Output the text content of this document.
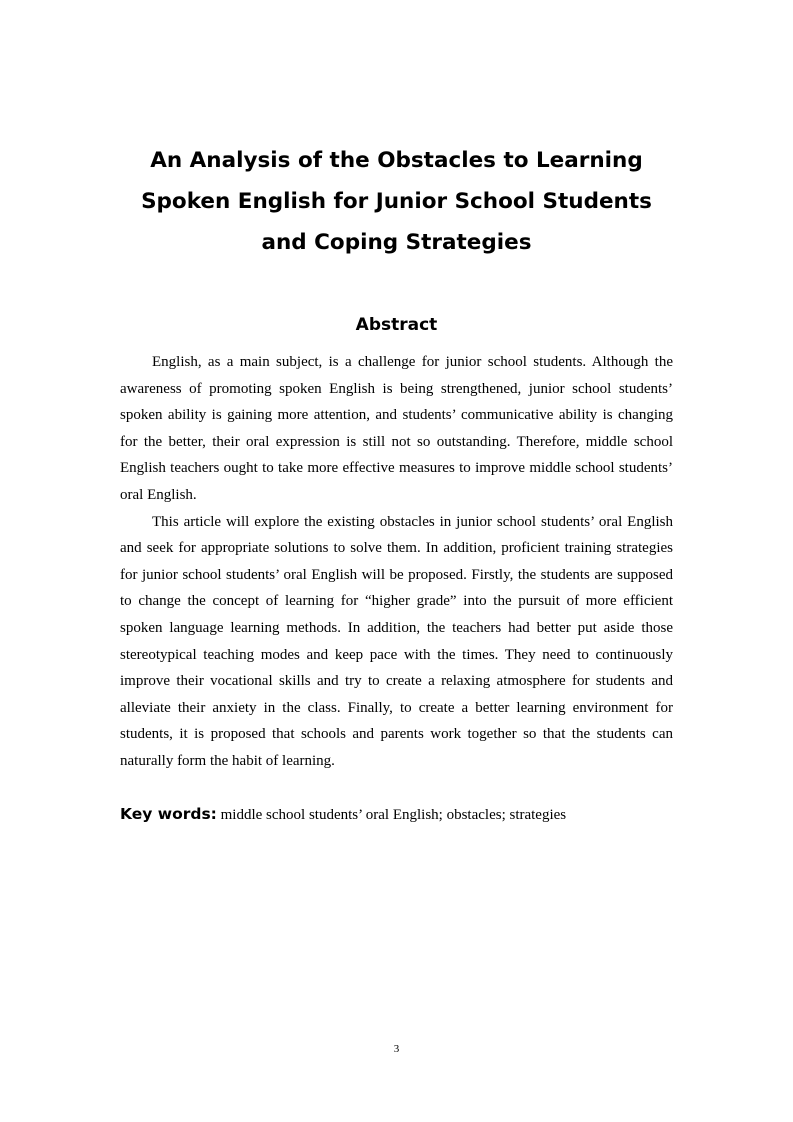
An Analysis of the Obstacles to Learning
Spoken English for Junior School Students
and Coping Strategies
Abstract

English, as a main subject, is a challenge for junior school students. Although the awareness of promoting spoken English is being strengthened, junior school students’ spoken ability is gaining more attention, and students’ communicative ability is changing for the better, their oral expression is still not so outstanding. Therefore, middle school English teachers ought to take more effective measures to improve middle school students’ oral English.

This article will explore the existing obstacles in junior school students’ oral English and seek for appropriate solutions to solve them. In addition, proficient training strategies for junior school students’ oral English will be proposed. Firstly, the students are supposed to change the concept of learning for “higher grade” into the pursuit of more efficient spoken language learning methods. In addition, the teachers had better put aside those stereotypical teaching modes and keep pace with the times. They need to continuously improve their vocational skills and try to create a relaxing atmosphere for students and alleviate their anxiety in the class. Finally, to create a better learning environment for students, it is proposed that schools and parents work together so that the students can naturally form the habit of learning.

Key words: middle school students’ oral English; obstacles; strategies

3
